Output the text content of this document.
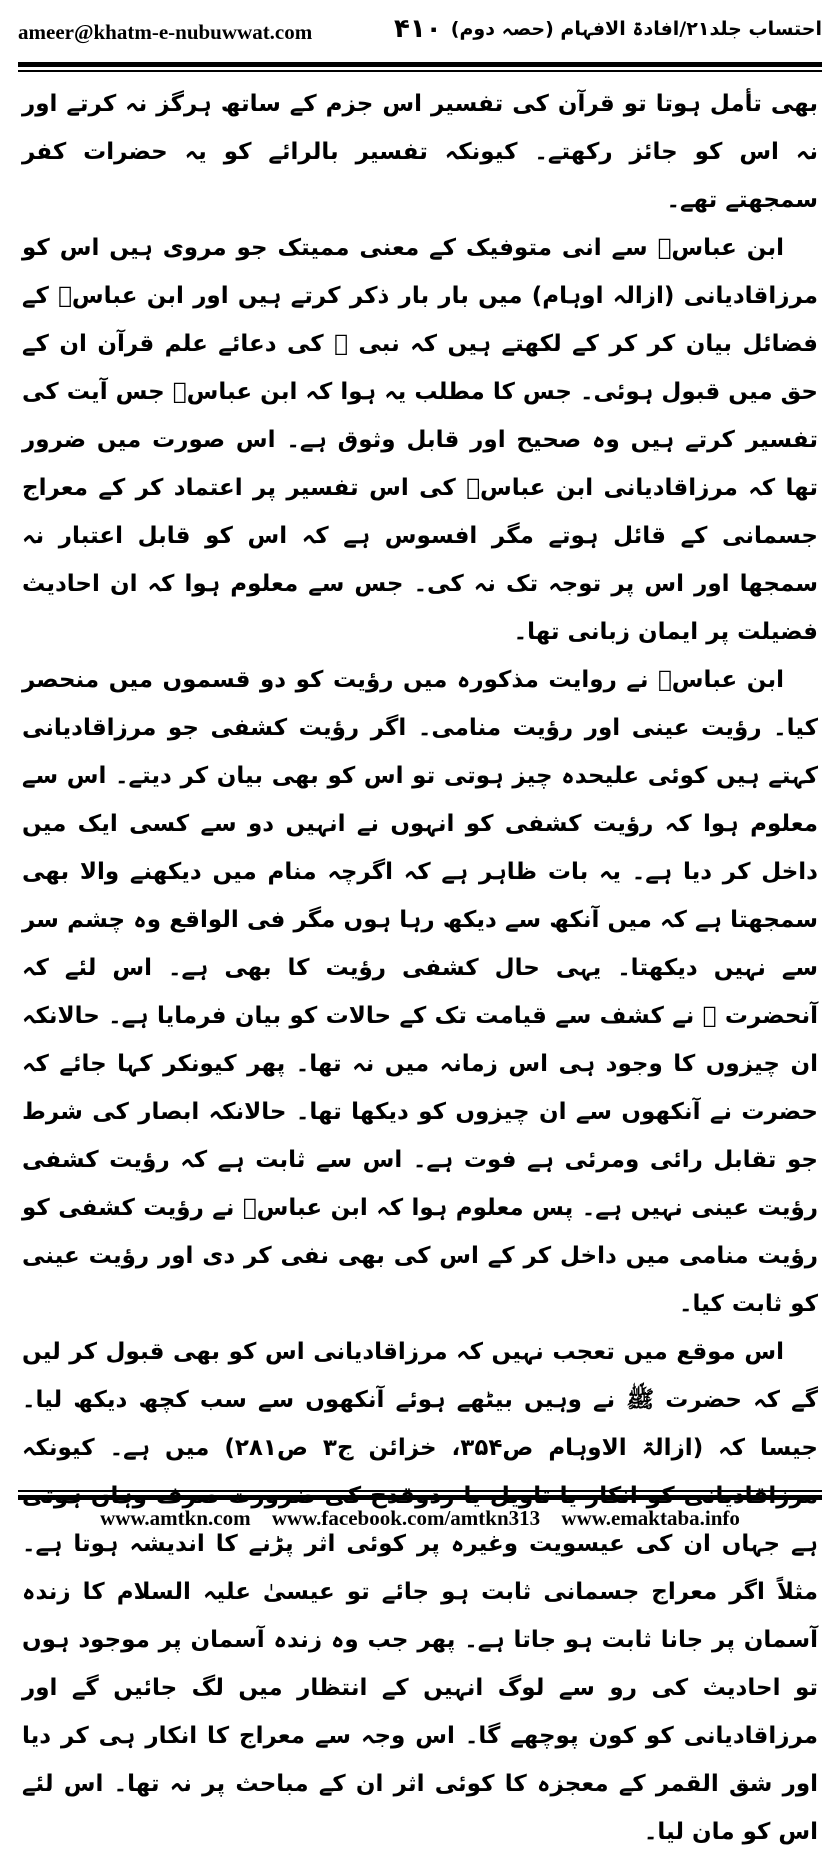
ameer@khatm-e-nubuwwat.com	۴۱۰ احتساب جلد۲۱/افادۃ الافہام (حصہ دوم)

بھی تأمل ہوتا تو قرآن کی تفسیر اس جزم کے ساتھ ہرگز نہ کرتے اور نہ اس کو جائز رکھتے۔ کیونکہ تفسیر بالرائے کو یہ حضرات کفر سمجھتے تھے۔

ابن عباسؓ سے انی متوفیک کے معنی ممیتک جو مروی ہیں اس کو مرزاقادیانی (ازالہ اوہام) میں بار بار ذکر کرتے ہیں اور ابن عباسؓ کے فضائل بیان کر کر کے لکھتے ہیں کہ نبی ﷺ کی دعائے علم قرآن ان کے حق میں قبول ہوئی۔ جس کا مطلب یہ ہوا کہ ابن عباسؓ جس آیت کی تفسیر کرتے ہیں وہ صحیح اور قابل وثوق ہے۔ اس صورت میں ضرور تھا کہ مرزاقادیانی ابن عباسؓ کی اس تفسیر پر اعتماد کر کے معراج جسمانی کے قائل ہوتے مگر افسوس ہے کہ اس کو قابل اعتبار نہ سمجھا اور اس پر توجہ تک نہ کی۔ جس سے معلوم ہوا کہ ان احادیث فضیلت پر ایمان زبانی تھا۔

ابن عباسؓ نے روایت مذکورہ میں رؤیت کو دو قسموں میں منحصر کیا۔ رؤیت عینی اور رؤیت منامی۔ اگر رؤیت کشفی جو مرزاقادیانی کہتے ہیں کوئی علیحدہ چیز ہوتی تو اس کو بھی بیان کر دیتے۔ اس سے معلوم ہوا کہ رؤیت کشفی کو انہوں نے انہیں دو سے کسی ایک میں داخل کر دیا ہے۔ یہ بات ظاہر ہے کہ اگرچہ منام میں دیکھنے والا بھی سمجھتا ہے کہ میں آنکھ سے دیکھ رہا ہوں مگر فی الواقع وہ چشم سر سے نہیں دیکھتا۔ یہی حال کشفی رؤیت کا بھی ہے۔ اس لئے کہ آنحضرت ﷺ نے کشف سے قیامت تک کے حالات کو بیان فرمایا ہے۔ حالانکہ ان چیزوں کا وجود ہی اس زمانہ میں نہ تھا۔ پھر کیونکر کہا جائے کہ حضرت نے آنکھوں سے ان چیزوں کو دیکھا تھا۔ حالانکہ ابصار کی شرط جو تقابل رائی ومرئی ہے فوت ہے۔ اس سے ثابت ہے کہ رؤیت کشفی رؤیت عینی نہیں ہے۔ پس معلوم ہوا کہ ابن عباسؓ نے رؤیت کشفی کو رؤیت منامی میں داخل کر کے اس کی بھی نفی کر دی اور رؤیت عینی کو ثابت کیا۔

اس موقع میں تعجب نہیں کہ مرزاقادیانی اس کو بھی قبول کر لیں گے کہ حضرت ﷺ نے وہیں بیٹھے ہوئے آنکھوں سے سب کچھ دیکھ لیا۔ جیسا کہ (ازالۃ الاوہام ص۳۵۴، خزائن ج۳ ص۲۸۱) میں ہے۔ کیونکہ ہے جہاں ان کی عیسویت وغیرہ پر کوئی اثر پڑنے کا اندیشہ ہوتا ہے۔ مثلاً اگر معراج جسمانی ثابت ہو جائے تو عیسیٰ علیہ السلام کا زندہ آسمان پر جانا ثابت ہو جاتا ہے۔ پھر جب وہ زندہ آسمان پر موجود ہوں تو احادیث کی رو سے لوگ انہیں کے انتظار میں لگ جائیں گے اور مرزاقادیانی کو کون پوچھے گا۔ اس وجہ سے معراج کا انکار ہی کر دیا اور شق القمر کے معجزہ کا کوئی اثر ان کے مباحث پر نہ تھا۔ اس لئے اس کو مان لیا۔

www.amtkn.com www.facebook.com/amtkn313 www.emaktaba.info
